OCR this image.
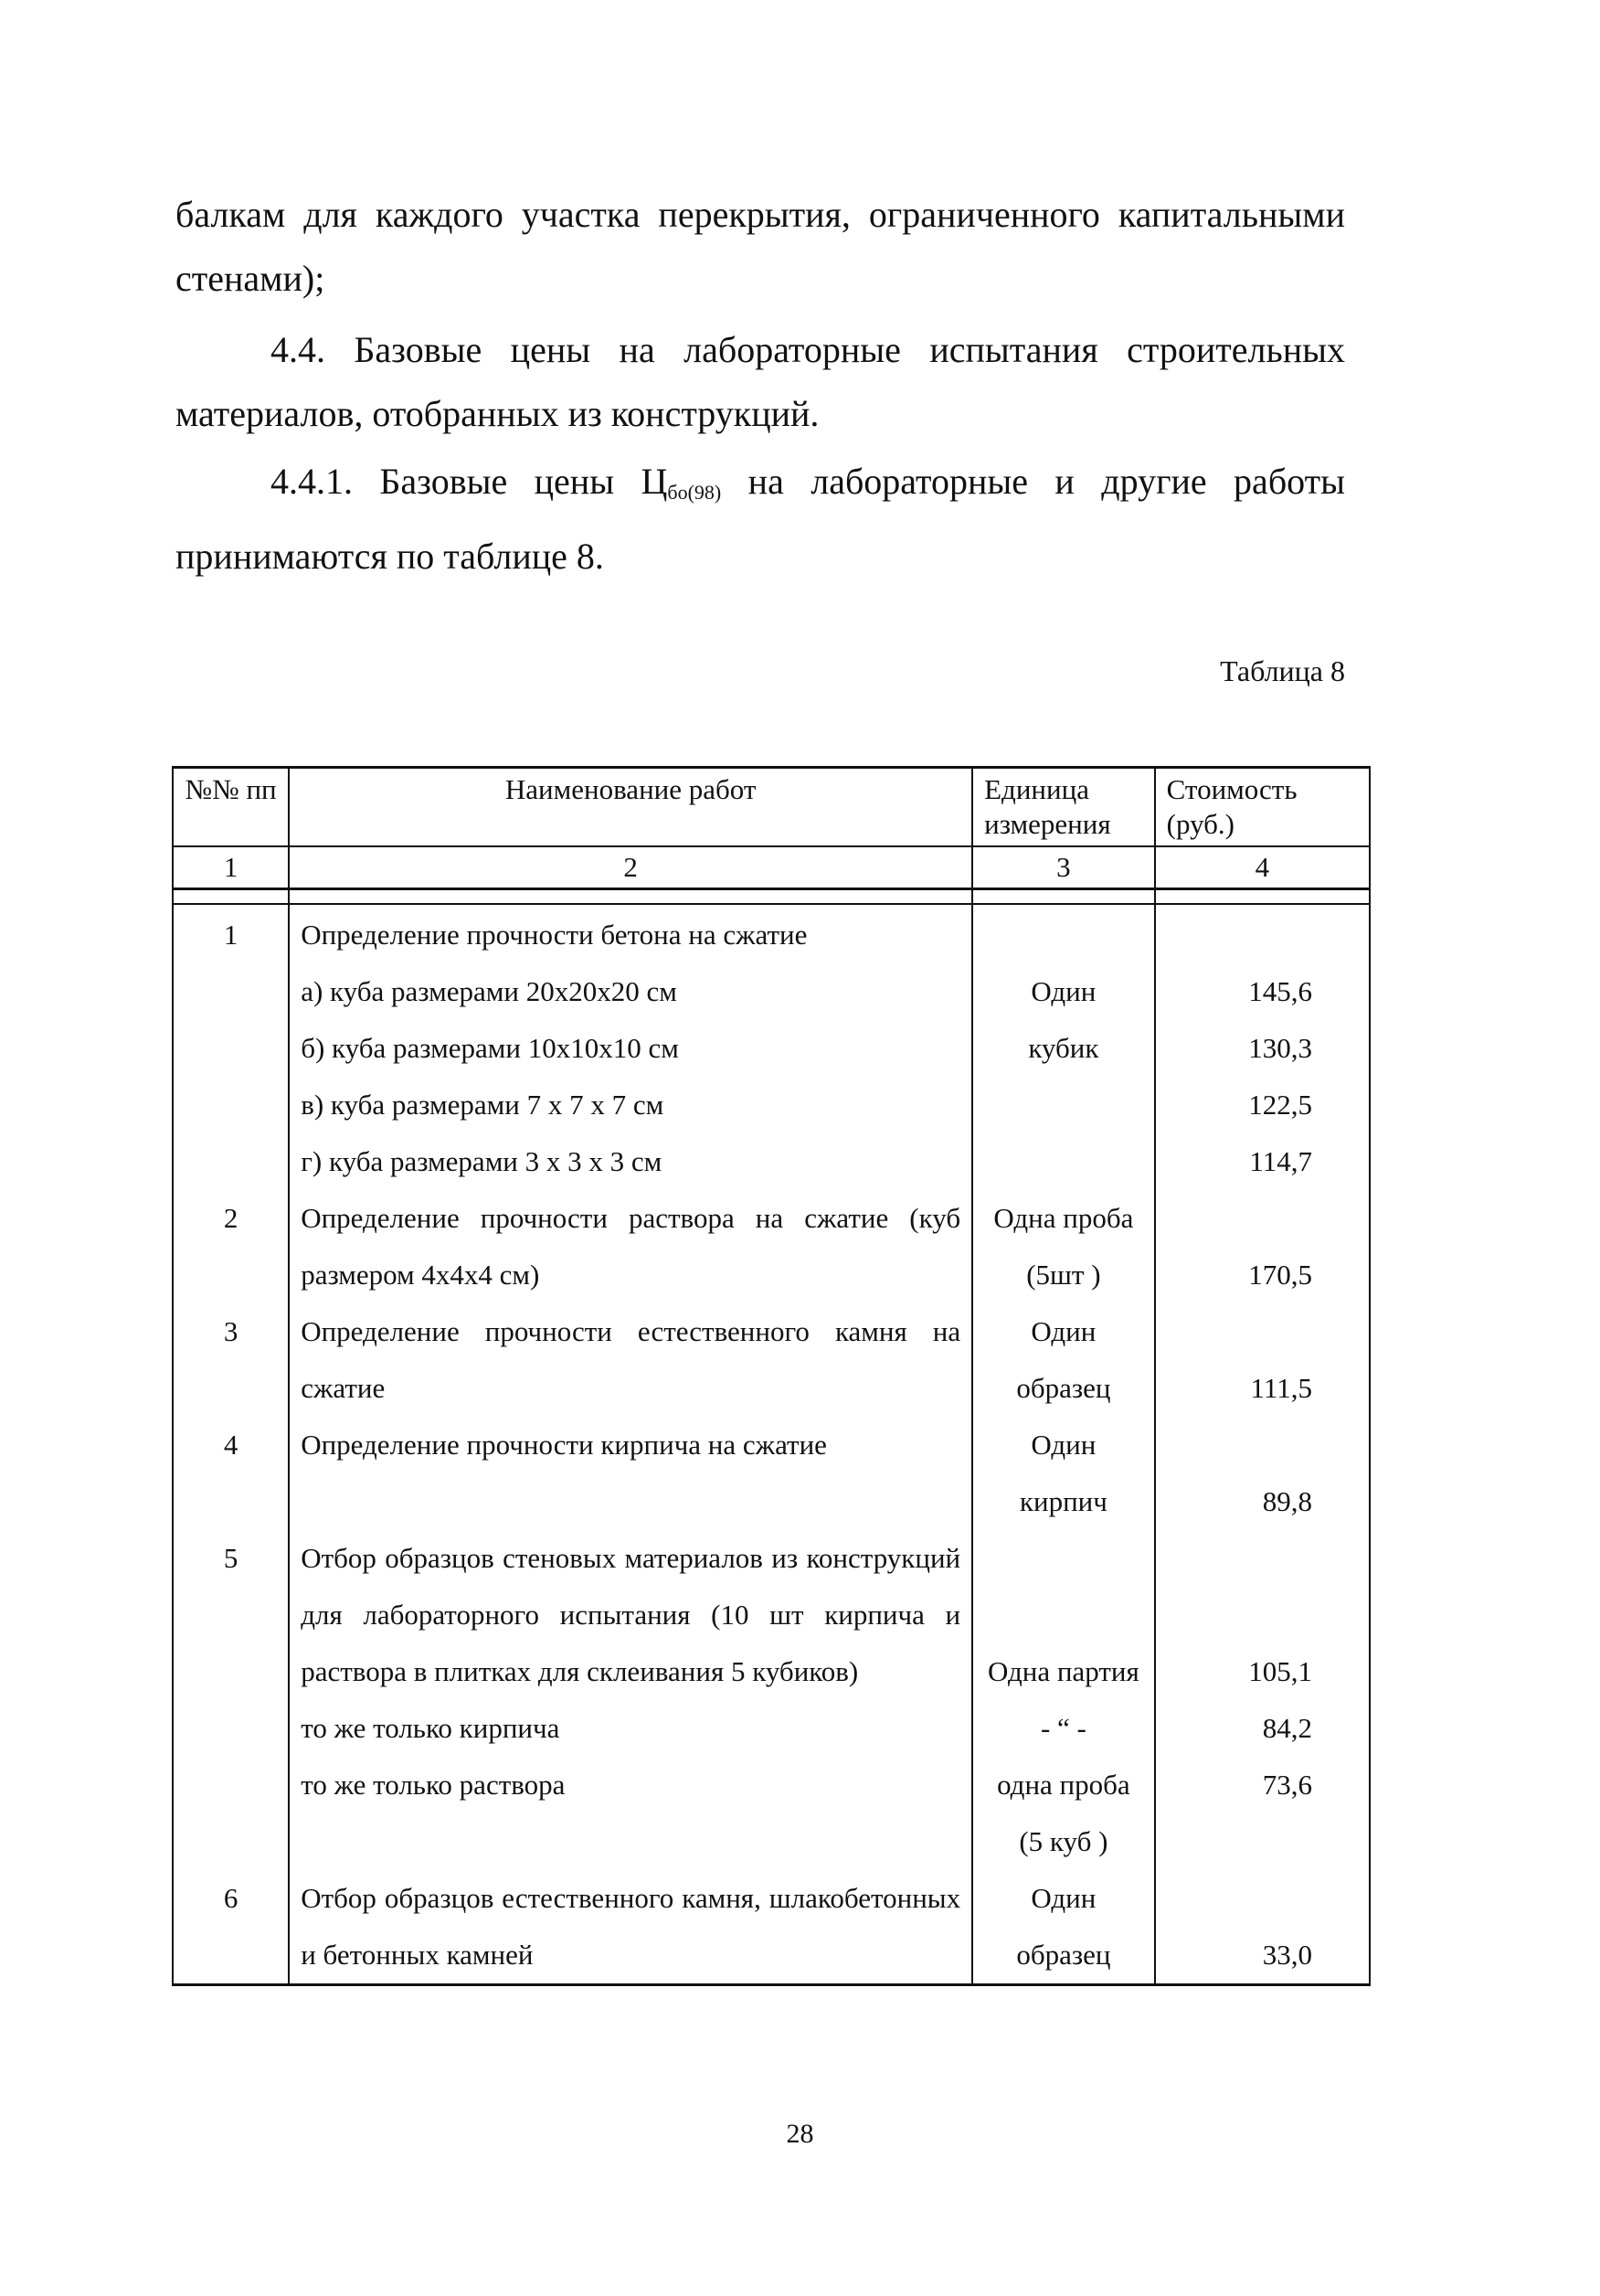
балкам для каждого участка перекрытия, ограниченного капитальными стенами);
4.4. Базовые цены на лабораторные испытания строительных материалов, отобранных из конструкций.
4.4.1. Базовые цены $Ц_{бо(98)}$ на лабораторные и другие работы принимаются по таблице 8.
Таблица 8
№№ пп	Наименование работ	Единица измерения	Стоимость (руб.)
1	2	3	4

1	Определение прочности бетона на сжатие		
	а) куба размерами 20х20х20 см	Один	145,6
	б) куба размерами 10х10х10 см	кубик	130,3
	в) куба размерами 7 х 7 х 7 см		122,5
	г) куба размерами 3 х 3 х 3 см		114,7
2	Определение прочности раствора на сжатие (куб размером 4х4х4 см)	Одна проба (5шт )	170,5
3	Определение прочности естественного камня на сжатие	Один образец	111,5
4	Определение прочности кирпича на сжатие	Один кирпич	89,8
5	Отбор образцов стеновых материалов из конструкций для лабораторного испытания (10 шт кирпича и раствора в плитках для склеивания 5 кубиков)	Одна партия	105,1
	то же только кирпича	- “ -	84,2
	то же только раствора	одна проба (5 куб )	73,6
6	Отбор образцов естественного камня, шлакобетонных и бетонных камней	Один образец	33,0
28
